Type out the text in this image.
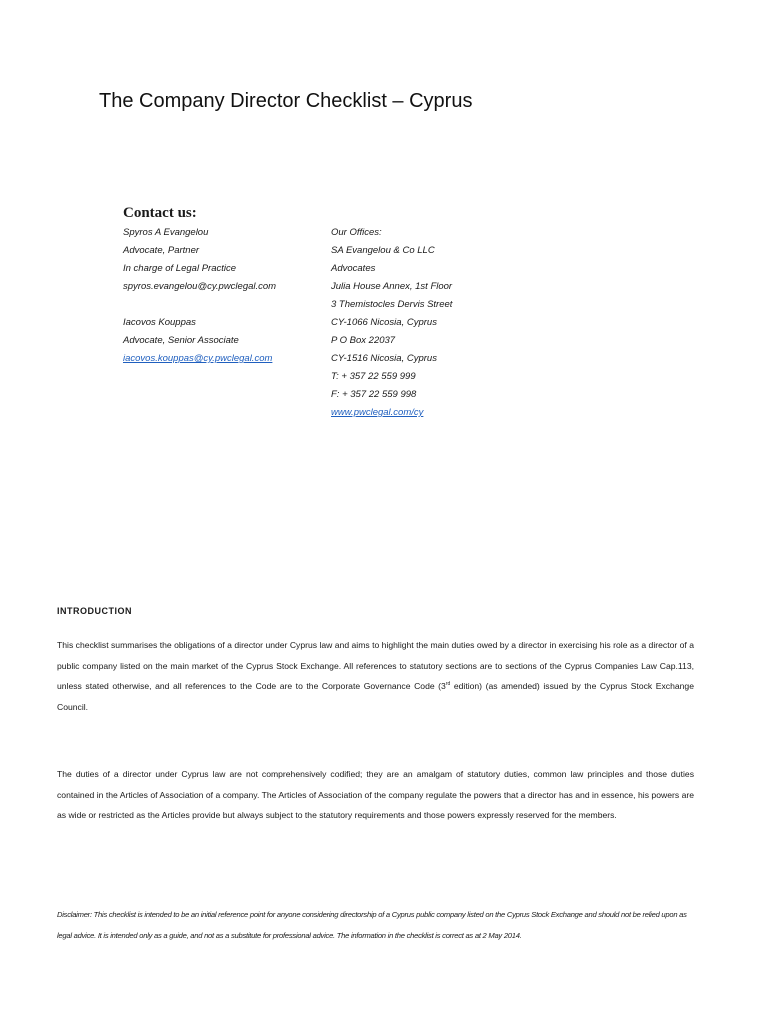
The Company Director Checklist – Cyprus
Contact us:
Spyros A Evangelou
Advocate, Partner
In charge of Legal Practice
spyros.evangelou@cy.pwclegal.com
Iacovos Kouppas
Advocate, Senior Associate
iacovos.kouppas@cy.pwclegal.com
Our Offices:
SA Evangelou & Co LLC
Advocates
Julia House Annex, 1st Floor
3 Themistocles Dervis Street
CY-1066 Nicosia, Cyprus
P O Box 22037
CY-1516 Nicosia, Cyprus
T: + 357 22 559 999
F: + 357 22 559 998
www.pwclegal.com/cy
INTRODUCTION

This checklist summarises the obligations of a director under Cyprus law and aims to highlight the main duties owed by a director in exercising his role as a director of a public company listed on the main market of the Cyprus Stock Exchange. All references to statutory sections are to sections of the Cyprus Companies Law Cap.113, unless stated otherwise, and all references to the Code are to the Corporate Governance Code (3rd edition) (as amended) issued by the Cyprus Stock Exchange Council.

The duties of a director under Cyprus law are not comprehensively codified; they are an amalgam of statutory duties, common law principles and those duties contained in the Articles of Association of a company. The Articles of Association of the company regulate the powers that a director has and in essence, his powers are as wide or restricted as the Articles provide but always subject to the statutory requirements and those powers expressly reserved for the members.

Disclaimer: This checklist is intended to be an initial reference point for anyone considering directorship of a Cyprus public company listed on the Cyprus Stock Exchange and should not be relied upon as legal advice. It is intended only as a guide, and not as a substitute for professional advice. The information in the checklist is correct as at 2 May 2014.
